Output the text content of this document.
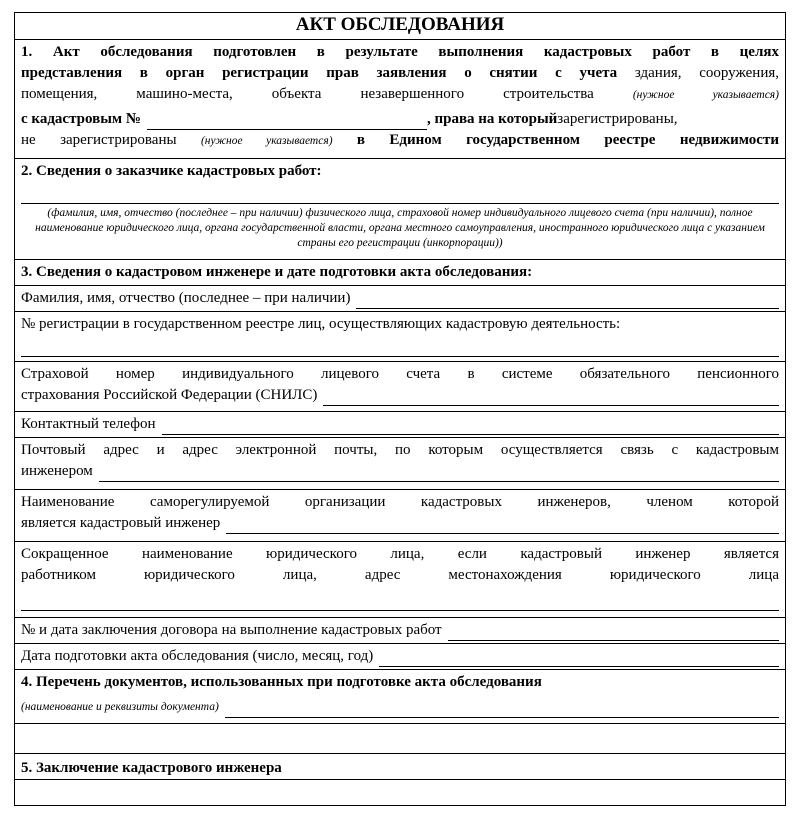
АКТ ОБСЛЕДОВАНИЯ
1. Акт обследования подготовлен в результате выполнения кадастровых работ в целях
представления в орган регистрации прав заявления о снятии с учета здания, сооружения,
помещения, машино-места, объекта незавершенного строительства	(нужное указывается)
с кадастровым №	, права на который зарегистрированы,
не зарегистрированы (нужное указывается) в Едином государственном реестре недвижимости
2. Сведения о заказчике кадастровых работ:
(фамилия, имя, отчество (последнее – при наличии) физического лица, страховой номер индивидуального лицевого счета (при наличии), полное наименование юридического лица, органа государственной власти, органа местного самоуправления, иностранного юридического лица с указанием страны его регистрации (инкорпорации))
3. Сведения о кадастровом инженере и дате подготовки акта обследования:
Фамилия, имя, отчество (последнее – при наличии)
№ регистрации в государственном реестре лиц, осуществляющих кадастровую деятельность:
Страховой номер индивидуального лицевого счета в системе обязательного пенсионного
страхования Российской Федерации (СНИЛС)
Контактный телефон
Почтовый адрес и адрес электронной почты, по которым осуществляется связь с кадастровым
инженером
Наименование саморегулируемой организации кадастровых инженеров, членом которой
является кадастровый инженер
Сокращенное наименование юридического лица, если кадастровый инженер является
работником юридического лица, адрес местонахождения юридического лица
№ и дата заключения договора на выполнение кадастровых работ
Дата подготовки акта обследования (число, месяц, год)
4. Перечень документов, использованных при подготовке акта обследования
(наименование и реквизиты документа)
5. Заключение кадастрового инженера
